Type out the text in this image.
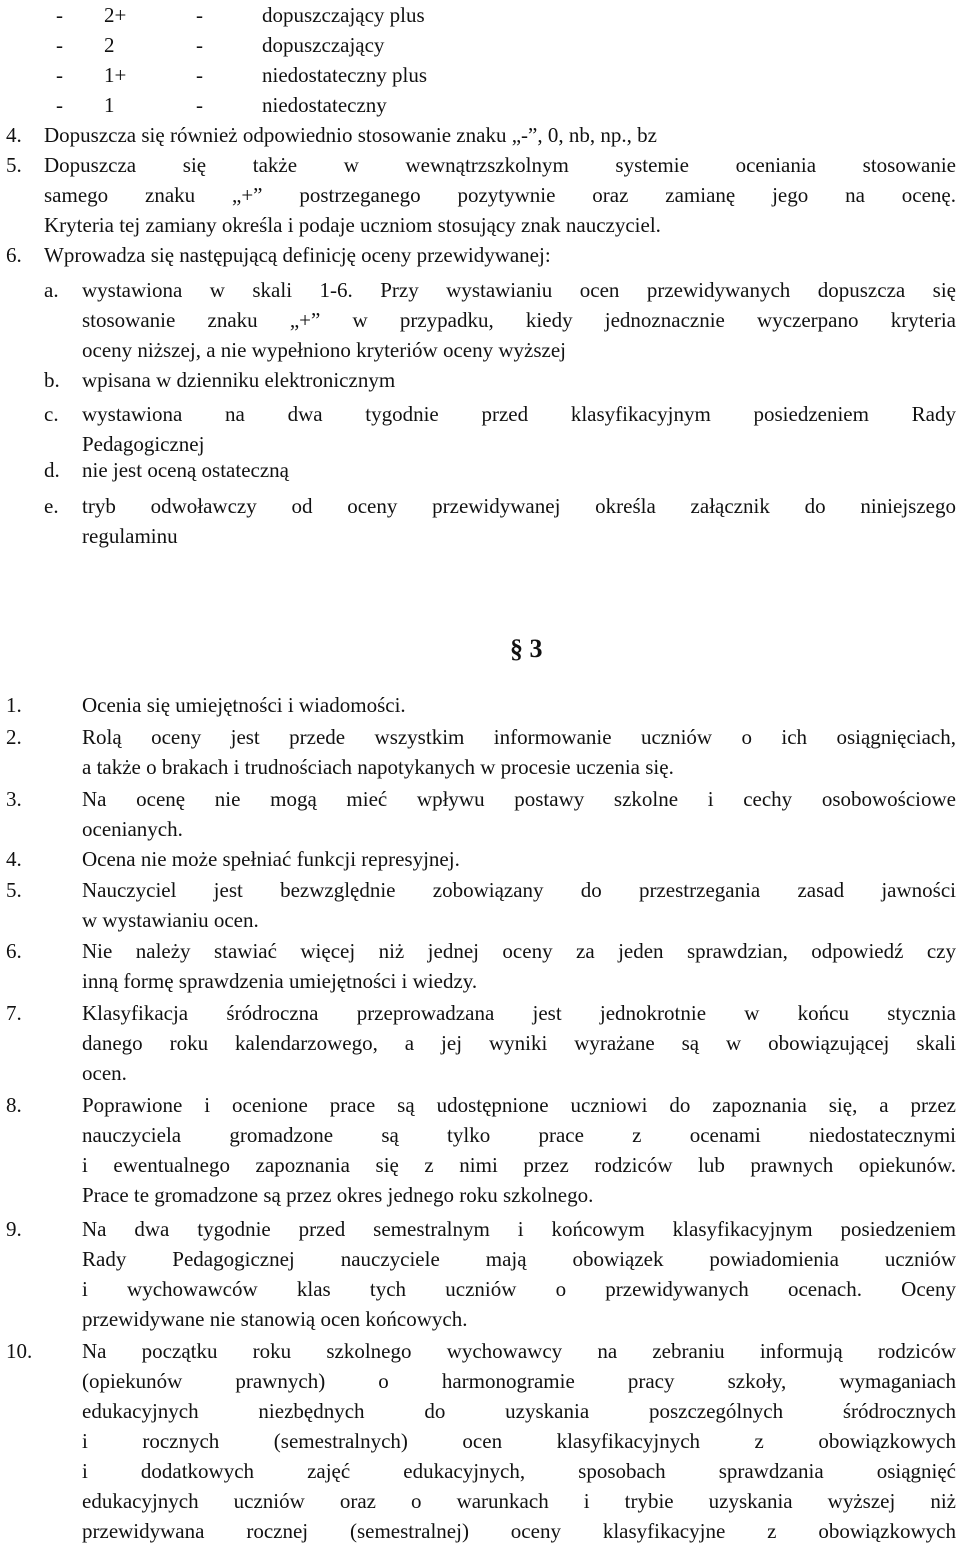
- 2+	-	dopuszczający plus
- 2	-	dopuszczający
- 1+	-	niedostateczny plus
- 1	-	niedostateczny
4. Dopuszcza się również odpowiednio stosowanie znaku „-”, 0, nb, np., bz
5. Dopuszcza się także w wewnątrzszkolnym systemie oceniania stosowanie
samego znaku „+” postrzeganego pozytywnie oraz zamianę jego na ocenę.
Kryteria tej zamiany określa i podaje uczniom stosujący znak nauczyciel.
6. Wprowadza się następującą definicję oceny przewidywanej:
a. wystawiona w skali 1-6. Przy wystawianiu ocen przewidywanych dopuszcza się
stosowanie znaku „+” w przypadku, kiedy jednoznacznie wyczerpano kryteria
oceny niższej, a nie wypełniono kryteriów oceny wyższej
b. wpisana w dzienniku elektronicznym
c. wystawiona na dwa tygodnie przed klasyfikacyjnym posiedzeniem Rady
Pedagogicznej
d. nie jest oceną ostateczną
e. tryb odwoławczy od oceny przewidywanej określa załącznik do niniejszego
regulaminu
§ 3
1.	Ocenia się umiejętności i wiadomości.
2.	Rolą oceny jest przede wszystkim informowanie uczniów o ich osiągnięciach,
a także o brakach i trudnościach napotykanych w procesie uczenia się.
3.	Na ocenę nie mogą mieć wpływu postawy szkolne i cechy osobowościowe
ocenianych.
4.	Ocena nie może spełniać funkcji represyjnej.
5.	Nauczyciel jest bezwzględnie zobowiązany do przestrzegania zasad jawności
w wystawianiu ocen.
6.	Nie należy stawiać więcej niż jednej oceny za jeden sprawdzian, odpowiedź czy
inną formę sprawdzenia umiejętności i wiedzy.
7.	Klasyfikacja śródroczna przeprowadzana jest jednokrotnie w końcu stycznia
danego roku kalendarzowego, a jej wyniki wyrażane są w obowiązującej skali
ocen.
8.	Poprawione i ocenione prace są udostępnione uczniowi do zapoznania się, a przez
nauczyciela gromadzone są tylko prace z ocenami niedostatecznymi
i ewentualnego zapoznania się z nimi przez rodziców lub prawnych opiekunów.
Prace te gromadzone są przez okres jednego roku szkolnego.
9.	Na dwa tygodnie przed semestralnym i końcowym klasyfikacyjnym posiedzeniem
Rady Pedagogicznej nauczyciele mają obowiązek powiadomienia uczniów
i wychowawców klas tych uczniów o przewidywanych ocenach. Oceny
przewidywane nie stanowią ocen końcowych.
10. Na początku roku szkolnego wychowawcy na zebraniu informują rodziców
(opiekunów prawnych) o harmonogramie pracy szkoły, wymaganiach
edukacyjnych niezbędnych do uzyskania poszczególnych śródrocznych
i rocznych (semestralnych) ocen klasyfikacyjnych z obowiązkowych
i dodatkowych zajęć edukacyjnych, sposobach sprawdzania osiągnięć
edukacyjnych uczniów oraz o warunkach i trybie uzyskania wyższej niż
przewidywana rocznej (semestralnej) oceny klasyfikacyjne z obowiązkowych
